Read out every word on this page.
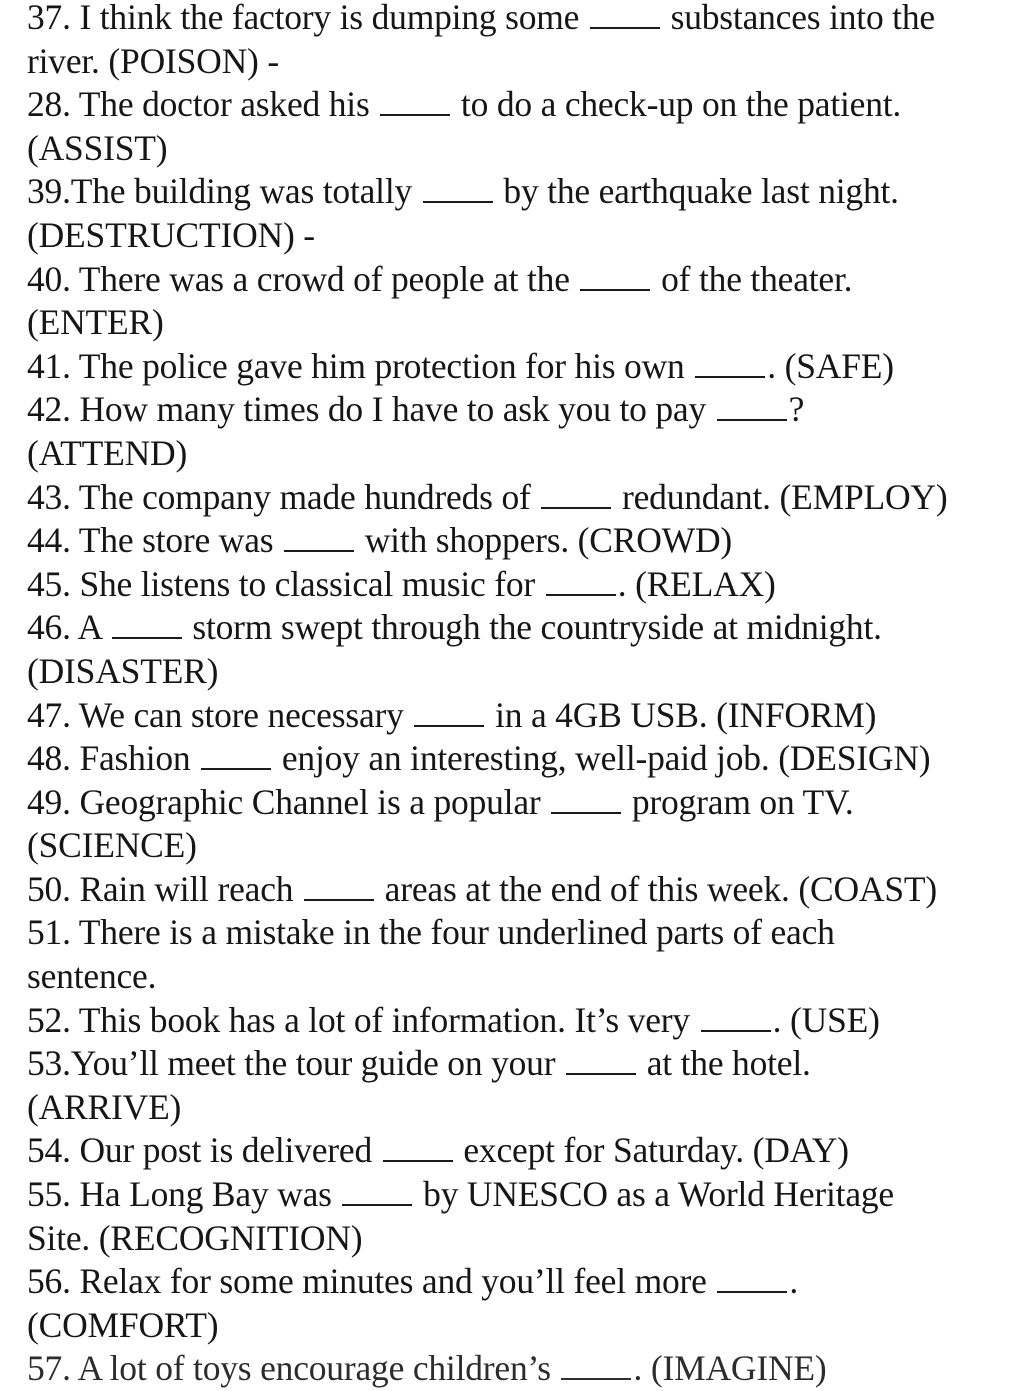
37. I think the factory is dumping some  substances into the
river. (POISON) -
28. The doctor asked his  to do a check-up on the patient.
(ASSIST)
39.The building was totally  by the earthquake last night.
(DESTRUCTION) -
40. There was a crowd of people at the  of the theater.
(ENTER)
41. The police gave him protection for his own . (SAFE)
42. How many times do I have to ask you to pay ?
(ATTEND)
43. The company made hundreds of  redundant. (EMPLOY)
44. The store was  with shoppers. (CROWD)
45. She listens to classical music for . (RELAX)
46. A  storm swept through the countryside at midnight.
(DISASTER)
47. We can store necessary  in a 4GB USB. (INFORM)
48. Fashion  enjoy an interesting, well-paid job. (DESIGN)
49. Geographic Channel is a popular  program on TV.
(SCIENCE)
50. Rain will reach  areas at the end of this week. (COAST)
51. There is a mistake in the four underlined parts of each
sentence.
52. This book has a lot of information. It’s very . (USE)
53.You’ll meet the tour guide on your  at the hotel.
(ARRIVE)
54. Our post is delivered  except for Saturday. (DAY)
55. Ha Long Bay was  by UNESCO as a World Heritage
Site. (RECOGNITION)
56. Relax for some minutes and you’ll feel more .
(COMFORT)
57. A lot of toys encourage children’s . (IMAGINE)
